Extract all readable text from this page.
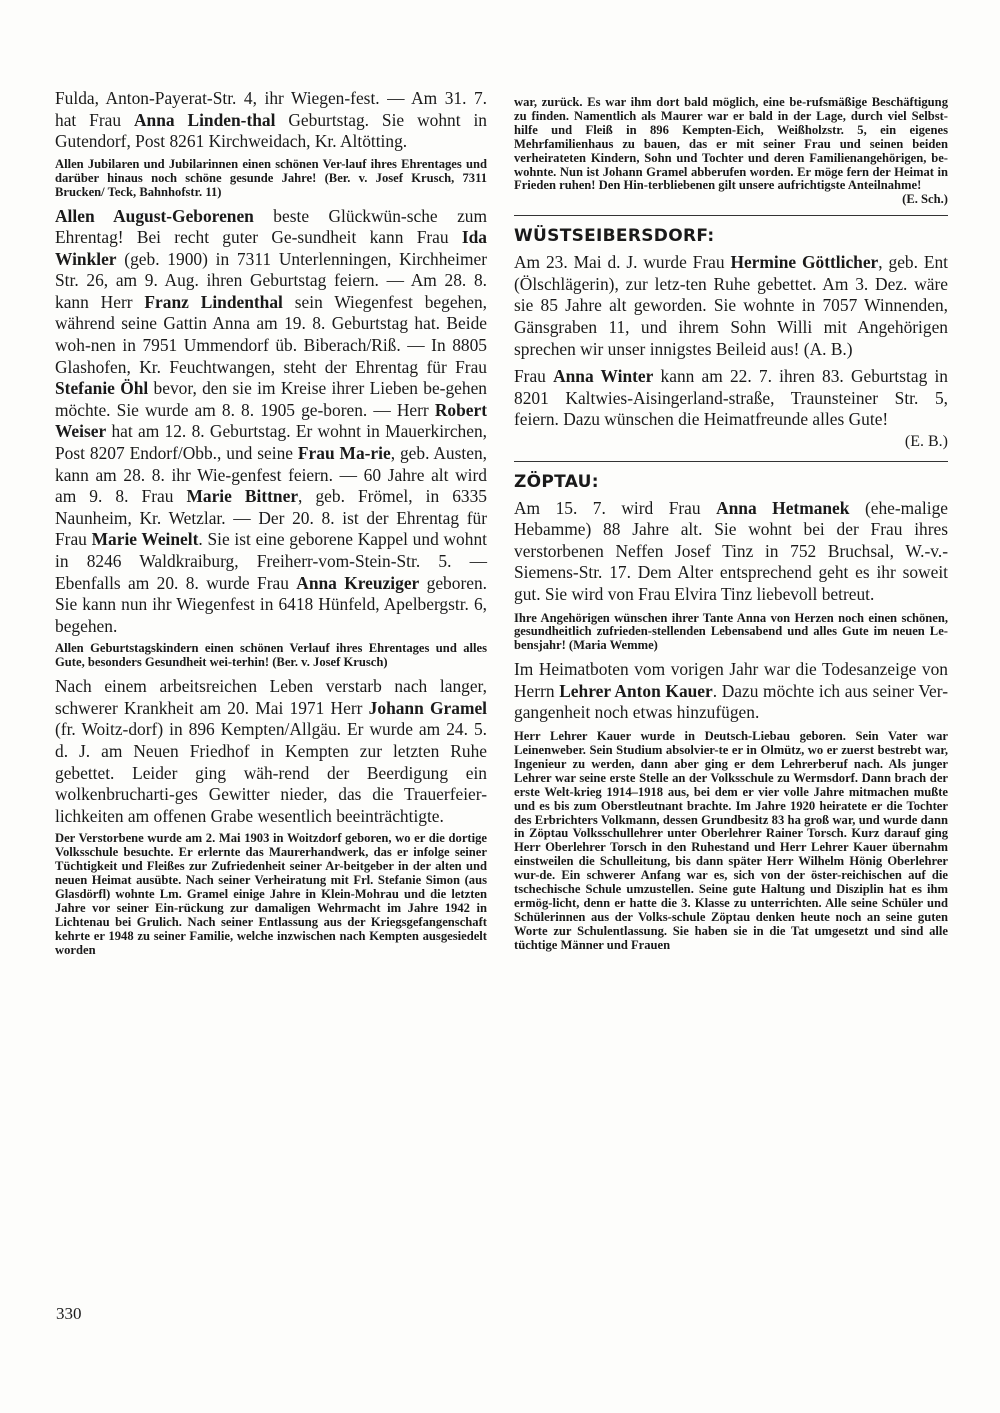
Fulda, Anton-Payerat-Str. 4, ihr Wiegen-fest. — Am 31. 7. hat Frau Anna Linden-thal Geburtstag. Sie wohnt in Gutendorf, Post 8261 Kirchweidach, Kr. Altötting.

Allen Jubilaren und Jubilarinnen einen schönen Ver-lauf ihres Ehrentages und darüber hinaus noch schöne gesunde Jahre! (Ber. v. Josef Krusch, 7311 Brucken/ Teck, Bahnhofstr. 11)

Allen August-Geborenen beste Glückwün-sche zum Ehrentag! Bei recht guter Ge-sundheit kann Frau Ida Winkler (geb. 1900) in 7311 Unterlenningen, Kirchheimer Str. 26, am 9. Aug. ihren Geburtstag feiern. — Am 28. 8. kann Herr Franz Lindenthal sein Wiegenfest begehen, während seine Gattin Anna am 19. 8. Geburtstag hat. Beide woh-nen in 7951 Ummendorf üb. Biberach/Riß. — In 8805 Glashofen, Kr. Feuchtwangen, steht der Ehrentag für Frau Stefanie Öhl bevor, den sie im Kreise ihrer Lieben be-gehen möchte. Sie wurde am 8. 8. 1905 ge-boren. — Herr Robert Weiser hat am 12. 8. Geburtstag. Er wohnt in Mauerkirchen, Post 8207 Endorf/Obb., und seine Frau Ma-rie, geb. Austen, kann am 28. 8. ihr Wie-genfest feiern. — 60 Jahre alt wird am 9. 8. Frau Marie Bittner, geb. Frömel, in 6335 Naunheim, Kr. Wetzlar. — Der 20. 8. ist der Ehrentag für Frau Marie Weinelt. Sie ist eine geborene Kappel und wohnt in 8246 Waldkraiburg, Freiherr-vom-Stein-Str. 5. — Ebenfalls am 20. 8. wurde Frau Anna Kreuziger geboren. Sie kann nun ihr Wiegenfest in 6418 Hünfeld, Apelbergstr. 6, begehen.

Allen Geburtstagskindern einen schönen Verlauf ihres Ehrentages und alles Gute, besonders Gesundheit wei-terhin! (Ber. v. Josef Krusch)

Nach einem arbeitsreichen Leben verstarb nach langer, schwerer Krankheit am 20. Mai 1971 Herr Johann Gramel (fr. Woitz-dorf) in 896 Kempten/Allgäu. Er wurde am 24. 5. d. J. am Neuen Friedhof in Kempten zur letzten Ruhe gebettet. Leider ging wäh-rend der Beerdigung ein wolkenbrucharti-ges Gewitter nieder, das die Trauerfeier-lichkeiten am offenen Grabe wesentlich beeinträchtigte.

Der Verstorbene wurde am 2. Mai 1903 in Woitzdorf geboren, wo er die dortige Volksschule besuchte. Er erlernte das Maurerhandwerk, das er infolge seiner Tüchtigkeit und Fleißes zur Zufriedenheit seiner Ar-beitgeber in der alten und neuen Heimat ausübte. Nach seiner Verheiratung mit Frl. Stefanie Simon (aus Glasdörfl) wohnte Lm. Gramel einige Jahre in Klein-Mohrau und die letzten Jahre vor seiner Ein-rückung zur damaligen Wehrmacht im Jahre 1942 in Lichtenau bei Grulich. Nach seiner Entlassung aus der Kriegsgefangenschaft kehrte er 1948 zu seiner Familie, welche inzwischen nach Kempten ausgesiedelt worden

war, zurück. Es war ihm dort bald möglich, eine be-rufsmäßige Beschäftigung zu finden. Namentlich als Maurer war er bald in der Lage, durch viel Selbst-hilfe und Fleiß in 896 Kempten-Eich, Weißholzstr. 5, ein eigenes Mehrfamilienhaus zu bauen, das er mit seiner Frau und seinen beiden verheirateten Kindern, Sohn und Tochter und deren Familienangehörigen, be-wohnte. Nun ist Johann Gramel abberufen worden. Er möge fern der Heimat in Frieden ruhen! Den Hin-terbliebenen gilt unsere aufrichtigste Anteilnahme!

(E. Sch.)
WÜSTSEIBERSDORF:

Am 23. Mai d. J. wurde Frau Hermine Göttlicher, geb. Ent (Ölschlägerin), zur letz-ten Ruhe gebettet. Am 3. Dez. wäre sie 85 Jahre alt geworden. Sie wohnte in 7057 Winnenden, Gänsgraben 11, und ihrem Sohn Willi mit Angehörigen sprechen wir unser innigstes Beileid aus! (A. B.)

Frau Anna Winter kann am 22. 7. ihren 83. Geburtstag in 8201 Kaltwies-Aisingerland-straße, Traunsteiner Str. 5, feiern. Dazu wünschen die Heimatfreunde alles Gute!

(E. B.)
ZÖPTAU:

Am 15. 7. wird Frau Anna Hetmanek (ehe-malige Hebamme) 88 Jahre alt. Sie wohnt bei der Frau ihres verstorbenen Neffen Josef Tinz in 752 Bruchsal, W.-v.-Siemens-Str. 17. Dem Alter entsprechend geht es ihr soweit gut. Sie wird von Frau Elvira Tinz liebevoll betreut.

Ihre Angehörigen wünschen ihrer Tante Anna von Herzen noch einen schönen, gesundheitlich zufrieden-stellenden Lebensabend und alles Gute im neuen Le-bensjahr! (Maria Wemme)

Im Heimatboten vom vorigen Jahr war die Todesanzeige von Herrn Lehrer Anton Kauer. Dazu möchte ich aus seiner Ver-gangenheit noch etwas hinzufügen.

Herr Lehrer Kauer wurde in Deutsch-Liebau geboren. Sein Vater war Leinenweber. Sein Studium absolvier-te er in Olmütz, wo er zuerst bestrebt war, Ingenieur zu werden, dann aber ging er dem Lehrerberuf nach. Als junger Lehrer war seine erste Stelle an der Volksschule zu Wermsdorf. Dann brach der erste Welt-krieg 1914–1918 aus, bei dem er vier volle Jahre mitmachen mußte und es bis zum Oberstleutnant brachte. Im Jahre 1920 heiratete er die Tochter des Erbrichters Volkmann, dessen Grundbesitz 83 ha groß war, und wurde dann in Zöptau Volksschullehrer unter Oberlehrer Rainer Torsch. Kurz darauf ging Herr Oberlehrer Torsch in den Ruhestand und Herr Lehrer Kauer übernahm einstweilen die Schulleitung, bis dann später Herr Wilhelm Hönig Oberlehrer wur-de. Ein schwerer Anfang war es, sich von der öster-reichischen auf die tschechische Schule umzustellen. Seine gute Haltung und Disziplin hat es ihm ermög-licht, denn er hatte die 3. Klasse zu unterrichten. Alle seine Schüler und Schülerinnen aus der Volks-schule Zöptau denken heute noch an seine guten Worte zur Schulentlassung. Sie haben sie in die Tat umgesetzt und sind alle tüchtige Männer und Frauen

330
